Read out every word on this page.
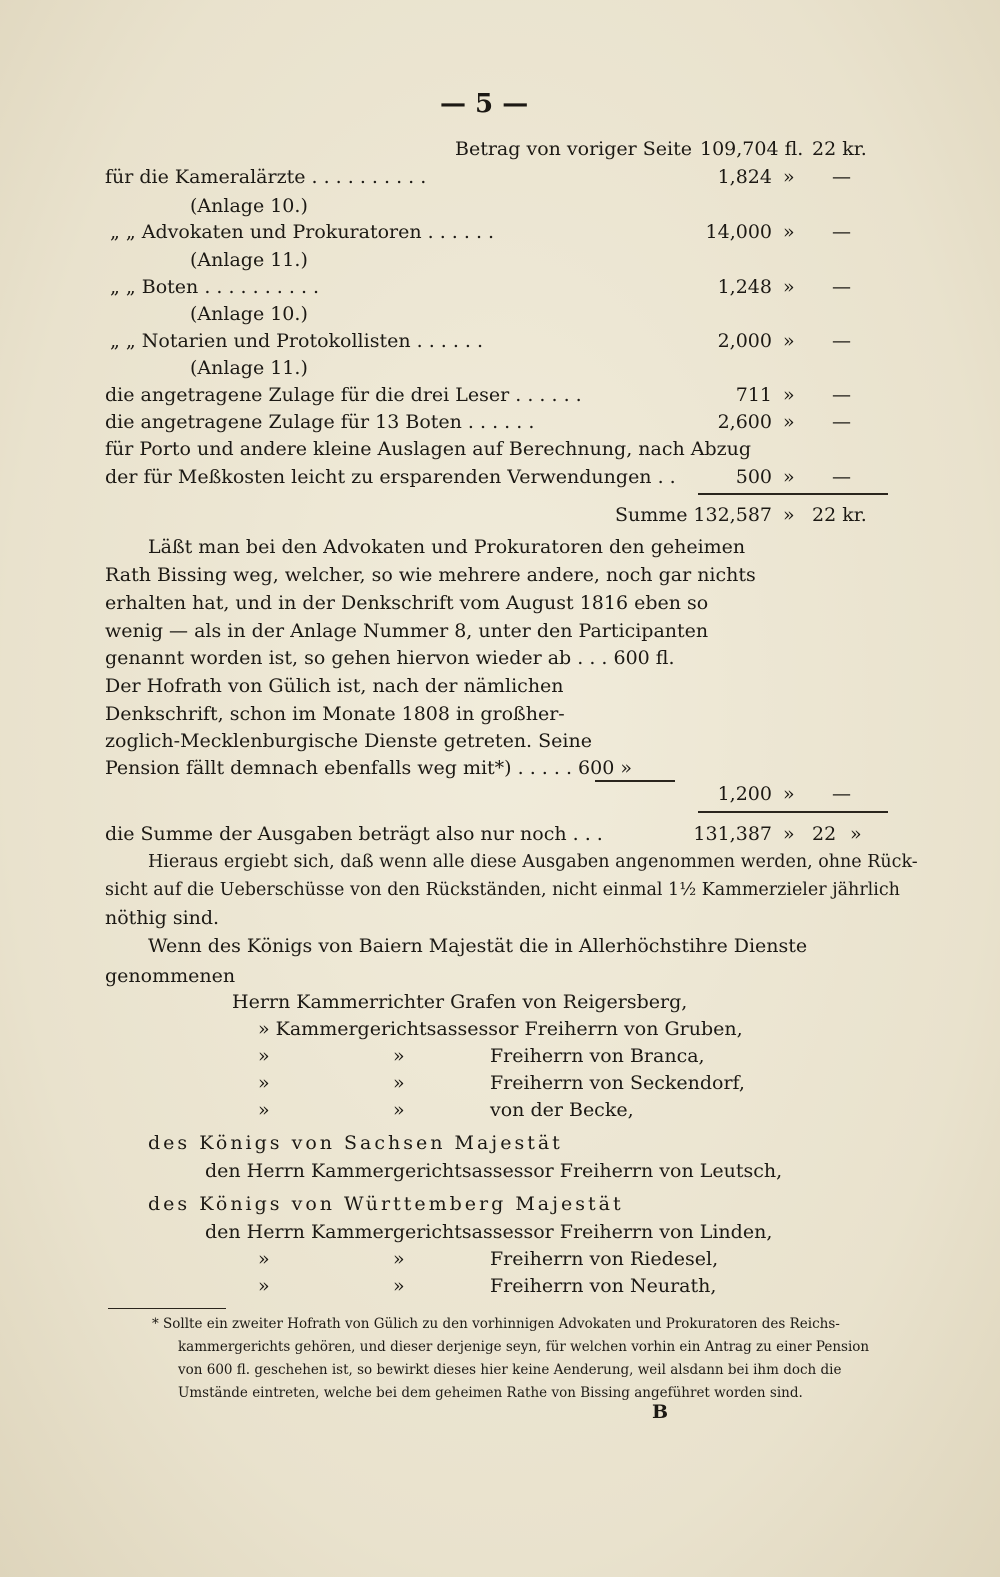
— 5 —
Betrag von voriger Seite 109,704 fl. 22 kr.
für die Kameralärzte . . . . . . . . . .	1,824 » —
(Anlage 10.)
„ „ Advokaten und Prokuratoren . . . . . .	14,000 » —
(Anlage 11.)
„ „ Boten . . . . . . . . . .	1,248 » —
(Anlage 10.)
„ „ Notarien und Protokollisten . . . . . .	2,000 » —
(Anlage 11.)
die angetragene Zulage für die drei Leser . . . . . .	711 » —
die angetragene Zulage für 13 Boten . . . . . .	2,600 » —
für Porto und andere kleine Auslagen auf Berechnung, nach Abzug
der für Meßkosten leicht zu ersparenden Verwendungen . .	500 » —
Summe 132,587 » 22 kr.
Läßt man bei den Advokaten und Prokuratoren den geheimen
Rath Bissing weg, welcher, so wie mehrere andere, noch gar nichts
erhalten hat, und in der Denkschrift vom August 1816 eben so
wenig — als in der Anlage Nummer 8, unter den Participanten
genannt worden ist, so gehen hiervon wieder ab . . . 600 fl.
Der Hofrath von Gülich ist, nach der nämlichen
Denkschrift, schon im Monate 1808 in großher-
zoglich-Mecklenburgische Dienste getreten. Seine
Pension fällt demnach ebenfalls weg mit*) . . . . . 600 »
1,200 » —
die Summe der Ausgaben beträgt also nur noch . . .	131,387 » 22 »
Hieraus ergiebt sich, daß wenn alle diese Ausgaben angenommen werden, ohne Rück-
sicht auf die Ueberschüsse von den Rückständen, nicht einmal 1½ Kammerzieler jährlich
nöthig sind.
Wenn des Königs von Baiern Majestät die in Allerhöchstihre Dienste
genommenen
Herrn Kammerrichter Grafen von Reigersberg,
» Kammergerichtsassessor Freiherrn von Gruben,
»	»	Freiherrn von Branca,
»	»	Freiherrn von Seckendorf,
»	»	von der Becke,
des Königs von Sachsen Majestät
den Herrn Kammergerichtsassessor Freiherrn von Leutsch,
des Königs von Württemberg Majestät
den Herrn Kammergerichtsassessor Freiherrn von Linden,
»	»	Freiherrn von Riedesel,
»	»	Freiherrn von Neurath,
* Sollte ein zweiter Hofrath von Gülich zu den vorhinnigen Advokaten und Prokuratoren des Reichs-
kammergerichts gehören, und dieser derjenige seyn, für welchen vorhin ein Antrag zu einer Pension
von 600 fl. geschehen ist, so bewirkt dieses hier keine Aenderung, weil alsdann bei ihm doch die
Umstände eintreten, welche bei dem geheimen Rathe von Bissing angeführet worden sind.
B
